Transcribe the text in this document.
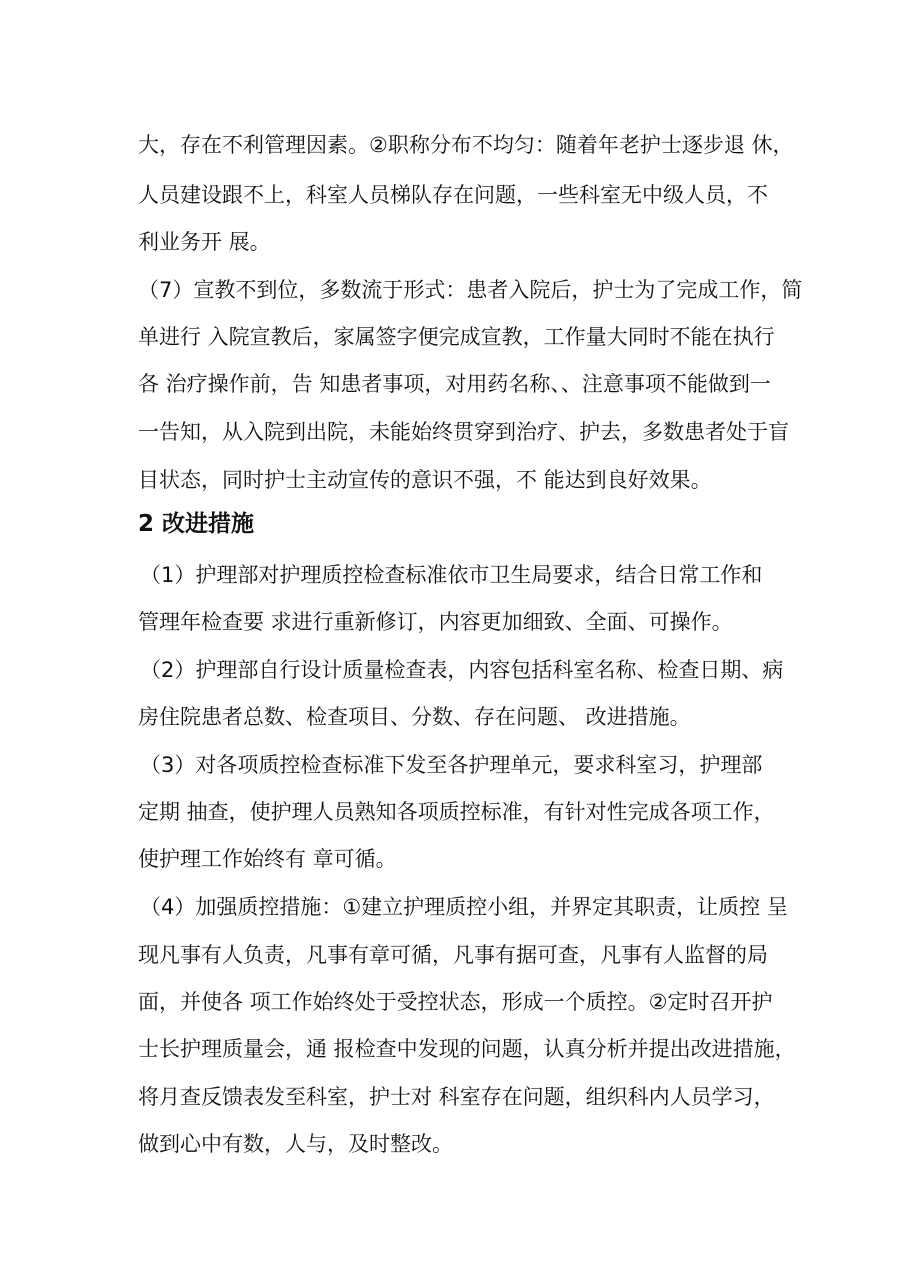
大，存在不利管理因素。②职称分布不均匀：随着年老护士逐步退 休，
人员建设跟不上，科室人员梯队存在问题，一些科室无中级人员，不
利业务开 展。
（7）宣教不到位，多数流于形式：患者入院后，护士为了完成工作，简
单进行 入院宣教后，家属签字便完成宣教，工作量大同时不能在执行
各 治疗操作前，告 知患者事项，对用药名称、、注意事项不能做到一
一告知，从入院到出院，未能始终贯穿到治疗、护去，多数患者处于盲
目状态，同时护士主动宣传的意识不强，不 能达到良好效果。
2 改进措施
（1）护理部对护理质控检查标准依市卫生局要求，结合日常工作和
管理年检查要 求进行重新修订，内容更加细致、全面、可操作。
（2）护理部自行设计质量检查表，内容包括科室名称、检查日期、病
房住院患者总数、检查项目、分数、存在问题、 改进措施。
（3）对各项质控检查标准下发至各护理单元，要求科室习，护理部
定期 抽查，使护理人员熟知各项质控标准，有针对性完成各项工作，
使护理工作始终有 章可循。
（4）加强质控措施：①建立护理质控小组，并界定其职责，让质控 呈
现凡事有人负责，凡事有章可循，凡事有据可查，凡事有人监督的局
面，并使各 项工作始终处于受控状态，形成一个质控。②定时召开护
士长护理质量会，通 报检查中发现的问题，认真分析并提出改进措施，
将月查反馈表发至科室，护士对 科室存在问题，组织科内人员学习，
做到心中有数，人与，及时整改。
